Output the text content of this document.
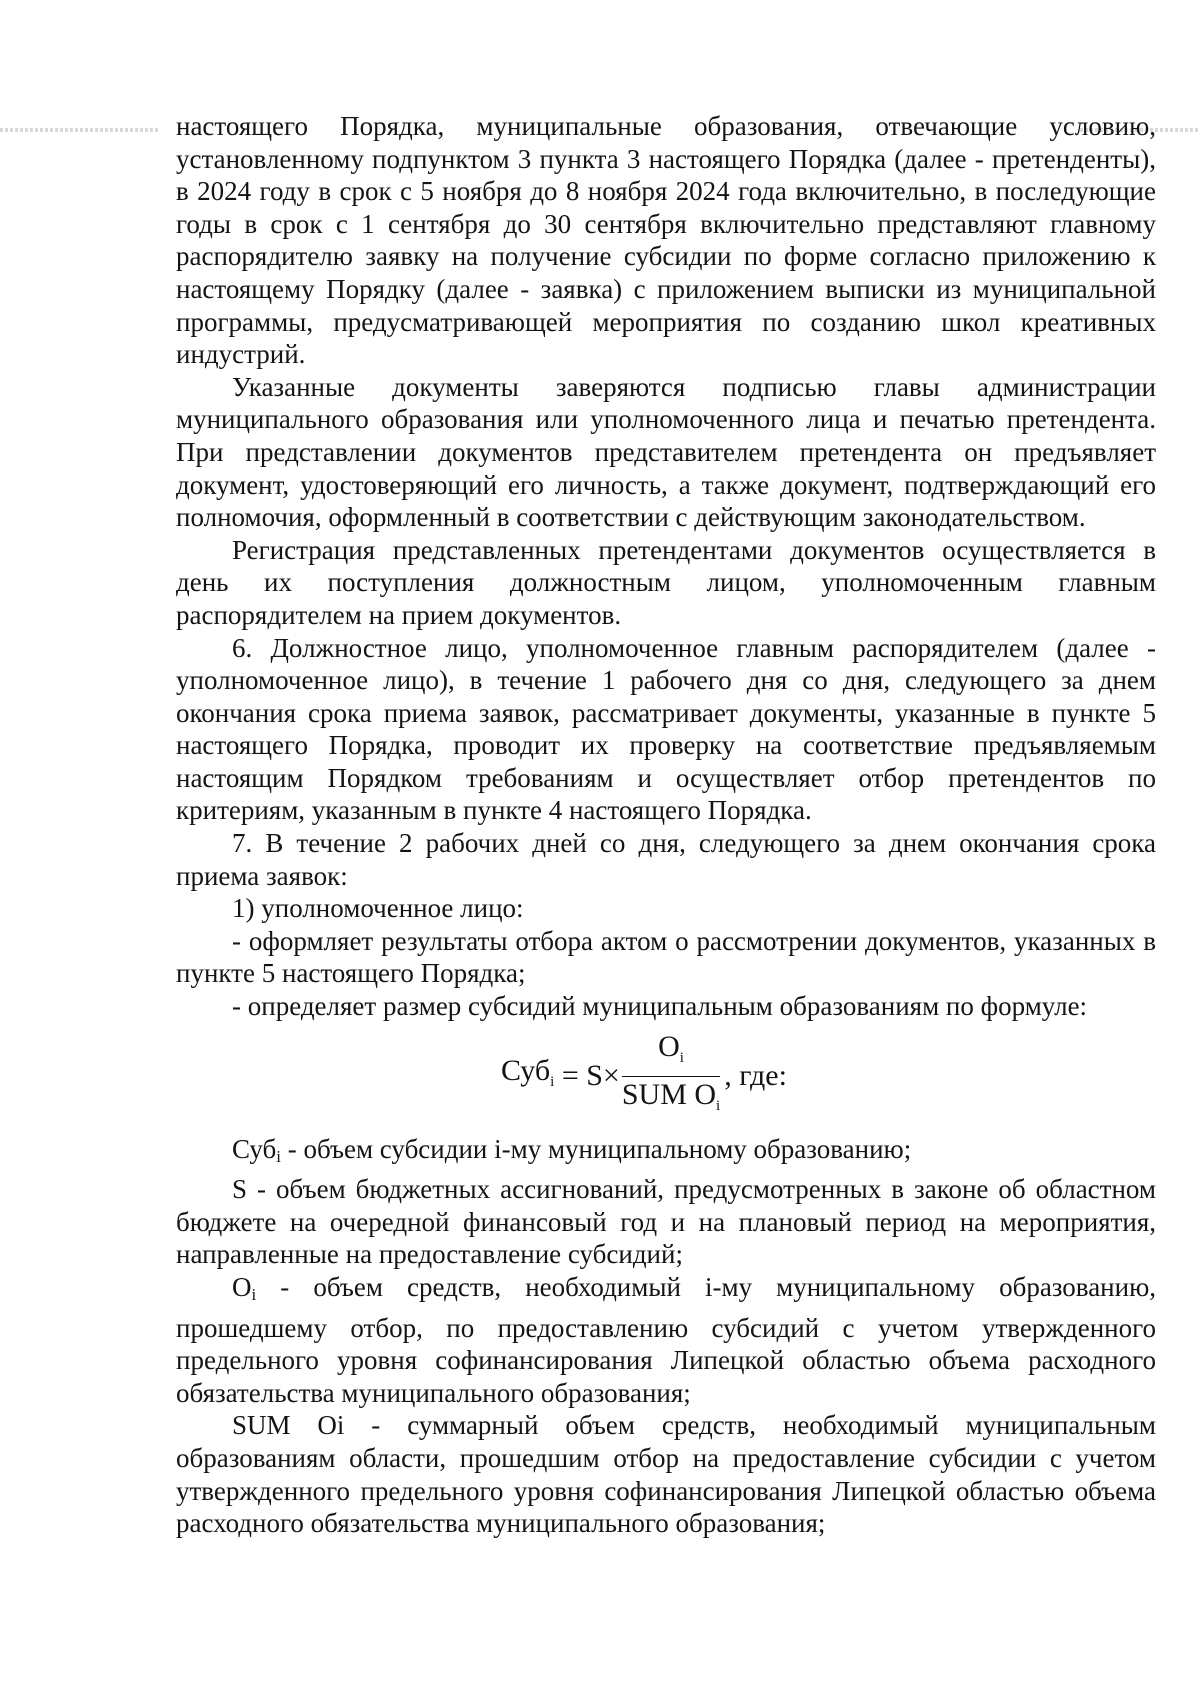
настоящего Порядка, муниципальные образования, отвечающие условию, установленному подпунктом 3 пункта 3 настоящего Порядка (далее - претенденты), в 2024 году в срок с 5 ноября до 8 ноября 2024 года включительно, в последующие годы в срок с 1 сентября до 30 сентября включительно представляют главному распорядителю заявку на получение субсидии по форме согласно приложению к настоящему Порядку (далее - заявка) с приложением выписки из муниципальной программы, предусматривающей мероприятия по созданию школ креативных индустрий.

Указанные документы заверяются подписью главы администрации муниципального образования или уполномоченного лица и печатью претендента. При представлении документов представителем претендента он предъявляет документ, удостоверяющий его личность, а также документ, подтверждающий его полномочия, оформленный в соответствии с действующим законодательством.

Регистрация представленных претендентами документов осуществляется в день их поступления должностным лицом, уполномоченным главным распорядителем на прием документов.

6. Должностное лицо, уполномоченное главным распорядителем (далее - уполномоченное лицо), в течение 1 рабочего дня со дня, следующего за днем окончания срока приема заявок, рассматривает документы, указанные в пункте 5 настоящего Порядка, проводит их проверку на соответствие предъявляемым настоящим Порядком требованиям и осуществляет отбор претендентов по критериям, указанным в пункте 4 настоящего Порядка.

7. В течение 2 рабочих дней со дня, следующего за днем окончания срока приема заявок:

1) уполномоченное лицо:

- оформляет результаты отбора актом о рассмотрении документов, указанных в пункте 5 настоящего Порядка;

- определяет размер субсидий муниципальным образованиям по формуле:

$Суб_i = S \times \frac{O_i}{SUM O_i}$ , где:

Субi - объем субсидии i-му муниципальному образованию;

S - объем бюджетных ассигнований, предусмотренных в законе об областном бюджете на очередной финансовый год и на плановый период на мероприятия, направленные на предоставление субсидий;

Oi - объем средств, необходимый i-му муниципальному образованию, прошедшему отбор, по предоставлению субсидий с учетом утвержденного предельного уровня софинансирования Липецкой областью объема расходного обязательства муниципального образования;

SUM Oi - суммарный объем средств, необходимый муниципальным образованиям области, прошедшим отбор на предоставление субсидии с учетом утвержденного предельного уровня софинансирования Липецкой областью объема расходного обязательства муниципального образования;
